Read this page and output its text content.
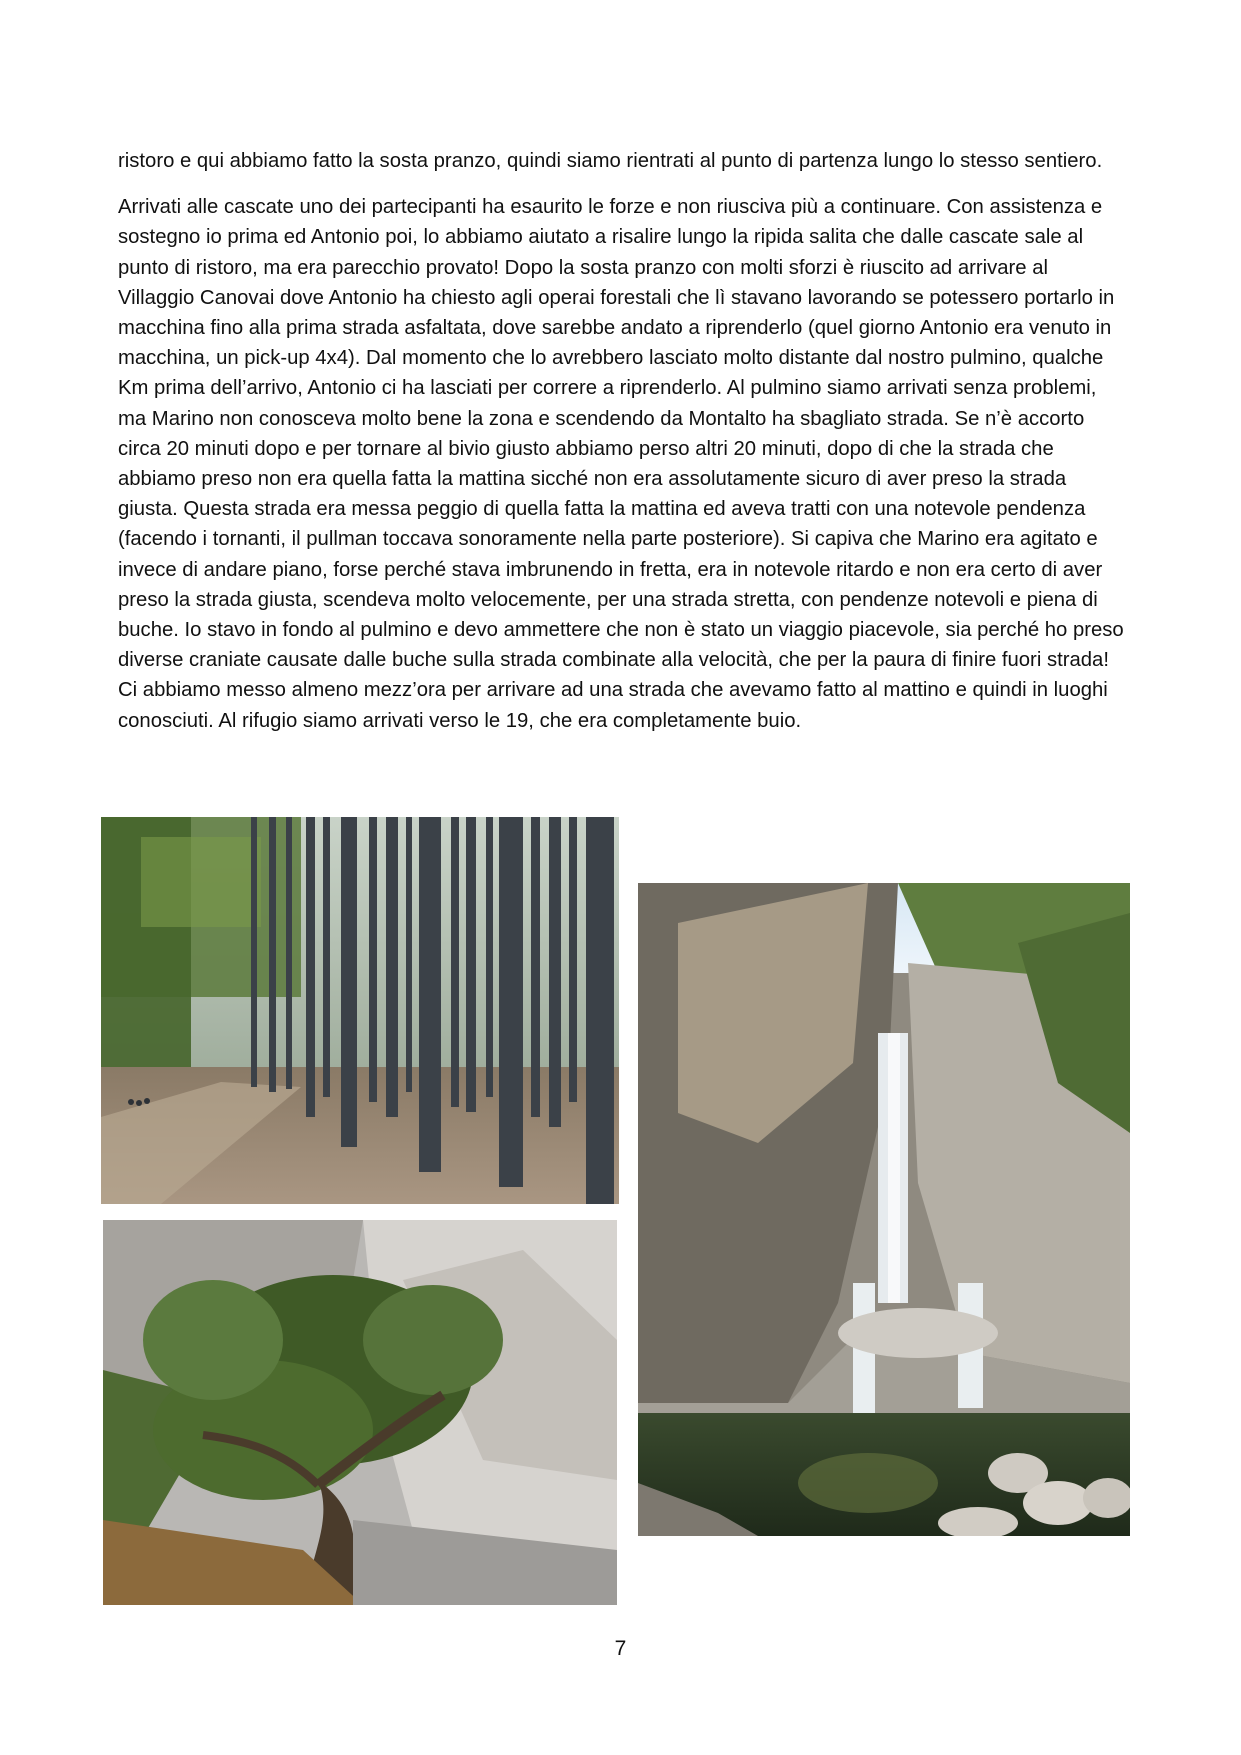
ristoro e qui abbiamo fatto la sosta pranzo, quindi siamo rientrati al punto di partenza lungo lo stesso sentiero.

Arrivati alle cascate uno dei partecipanti ha esaurito le forze e non riusciva più a continuare. Con assistenza e sostegno io prima ed Antonio poi, lo abbiamo aiutato a risalire lungo la ripida salita che dalle cascate sale al punto di ristoro, ma era parecchio provato! Dopo la sosta pranzo con molti sforzi è riuscito ad arrivare al Villaggio Canovai dove Antonio ha chiesto agli operai forestali che lì stavano lavorando se potessero portarlo in macchina fino alla prima strada asfaltata, dove sarebbe andato a riprenderlo (quel giorno Antonio era venuto in macchina, un pick-up 4x4). Dal momento che lo avrebbero lasciato molto distante dal nostro pulmino, qualche Km prima dell’arrivo, Antonio ci ha lasciati per correre a riprenderlo. Al pulmino siamo arrivati senza problemi, ma Marino non conosceva molto bene la zona e scendendo da Montalto ha sbagliato strada. Se n’è accorto circa 20 minuti dopo e per tornare al bivio giusto abbiamo perso altri 20 minuti, dopo di che la strada che abbiamo preso non era quella fatta la mattina sicché non era assolutamente sicuro di aver preso la strada giusta. Questa strada era messa peggio di quella fatta la mattina ed aveva tratti con una notevole pendenza (facendo i tornanti, il pullman toccava sonoramente nella parte posteriore). Si capiva che Marino era agitato e invece di andare piano, forse perché stava imbrunendo in fretta, era in notevole ritardo e non era certo di aver preso la strada giusta, scendeva molto velocemente, per una strada stretta, con pendenze notevoli e piena di buche. Io stavo in fondo al pulmino e devo ammettere che non è stato un viaggio piacevole, sia perché ho preso diverse craniate causate dalle buche sulla strada combinate alla velocità, che per la paura di finire fuori strada! Ci abbiamo messo almeno mezz’ora per arrivare ad una strada che avevamo fatto al mattino e quindi in luoghi conosciuti. Al rifugio siamo arrivati verso le 19, che era completamente buio.

7
